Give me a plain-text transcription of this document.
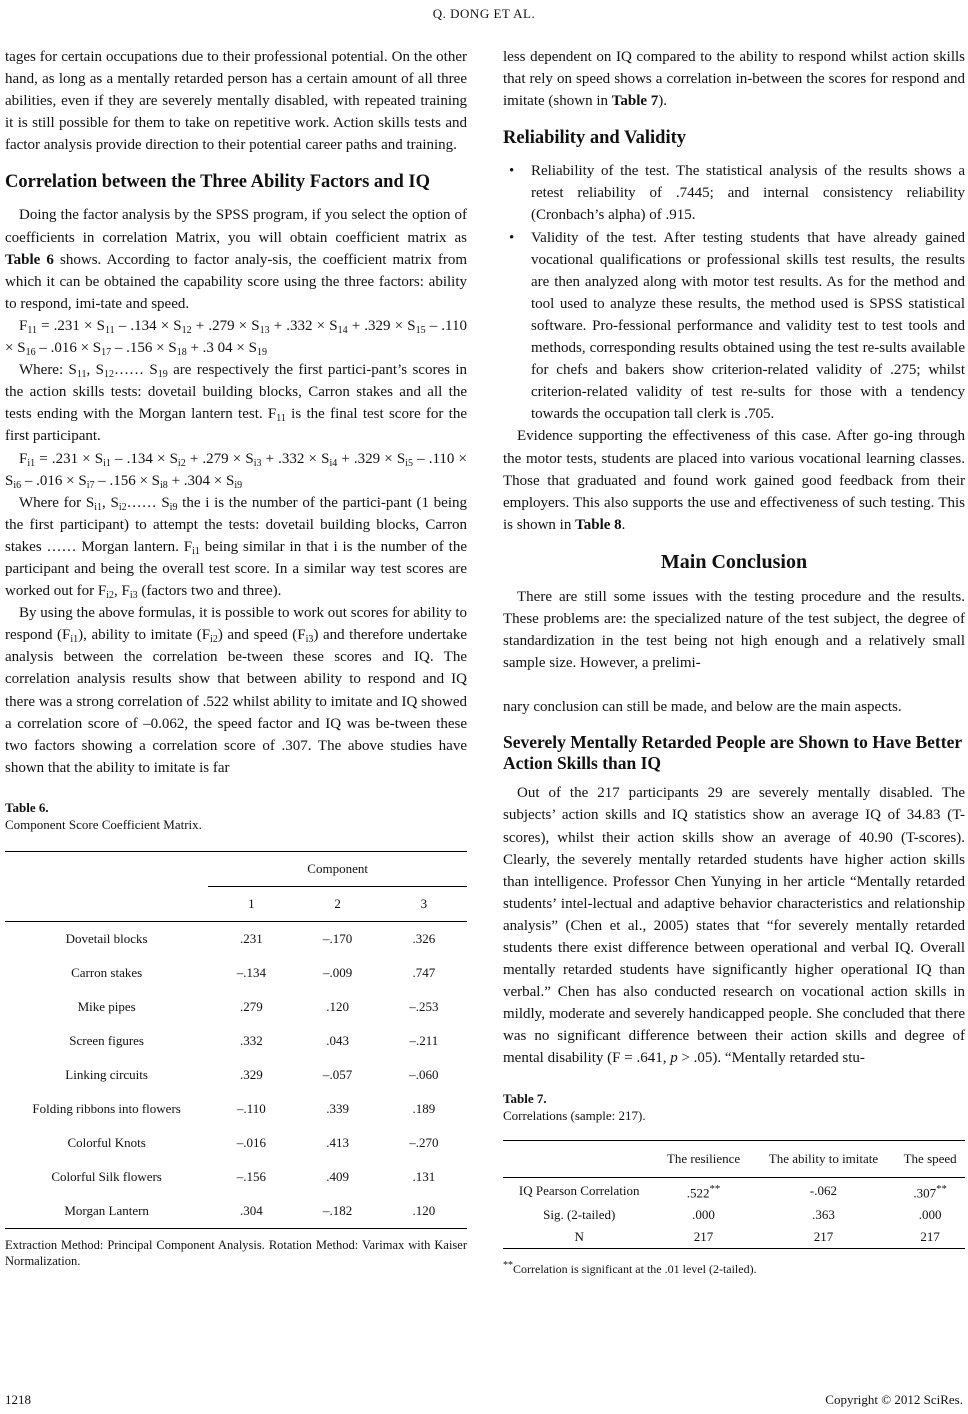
Q. DONG ET AL.

tages for certain occupations due to their professional potential. On the other hand, as long as a mentally retarded person has a certain amount of all three abilities, even if they are severely mentally disabled, with repeated training it is still possible for them to take on repetitive work. Action skills tests and factor analysis provide direction to their potential career paths and training.

Correlation between the Three Ability Factors and IQ

Doing the factor analysis by the SPSS program, if you select the option of coefficients in correlation Matrix, you will obtain coefficient matrix as Table 6 shows. According to factor analy-sis, the coefficient matrix from which it can be obtained the capability score using the three factors: ability to respond, imi-tate and speed.

$F_{11} = .231 \times S_{11} - .134 \times S_{12} + .279 \times S_{13} + .332 \times S_{14} + .329 \times S_{15} - .110 \times S_{16} - .016 \times S_{17} - .156 \times S_{18} + .3$ $04 \times S_{19}$

Where: $S_{11}$, $S_{12}\dots\dots$ $S_{19}$ are respectively the first partici-pant’s scores in the action skills tests: dovetail building blocks, Carron stakes and all the tests ending with the Morgan lantern test. $F_{11}$ is the final test score for the first participant.

$F_{i1} = .231 \times S_{i1} - .134 \times S_{i2} + .279 \times S_{i3} + .332 \times S_{i4} + .329 \times S_{i5} - .110 \times S_{i6} - .016 \times S_{i7} - .156 \times S_{i8} + .304 \times S_{i9}$

Where for $S_{i1}$, $S_{i2}\dots\dots$ $S_{i9}$ the i is the number of the partici-pant (1 being the first participant) to attempt the tests: dovetail building blocks, Carron stakes …… Morgan lantern. $F_{i1}$ being similar in that i is the number of the participant and being the overall test score. In a similar way test scores are worked out for $F_{i2}$, $F_{i3}$ (factors two and three).

By using the above formulas, it is possible to work out scores for ability to respond $(F_{i1})$, ability to imitate $(F_{i2})$ and speed $(F_{i3})$ and therefore undertake analysis between the correlation be-tween these scores and IQ. The correlation analysis results show that between ability to respond and IQ there was a strong correlation of .522 whilst ability to imitate and IQ showed a correlation score of –0.062, the speed factor and IQ was be-tween these two factors showing a correlation score of .307. The above studies have shown that the ability to imitate is far

Table 6.
Component Score Coefficient Matrix.
	Component		
	1	2	3
Dovetail blocks	.231	–.170	.326
Carron stakes	–.134	–.009	.747
Mike pipes	.279	.120	–.253
Screen figures	.332	.043	–.211
Linking circuits	.329	–.057	–.060
Folding ribbons into flowers	–.110	.339	.189
Colorful Knots	–.016	.413	–.270
Colorful Silk flowers	–.156	.409	.131
Morgan Lantern	.304	–.182	.120
Extraction Method: Principal Component Analysis. Rotation Method: Varimax with Kaiser Normalization.

less dependent on IQ compared to the ability to respond whilst action skills that rely on speed shows a correlation in-between the scores for respond and imitate (shown in Table 7).

Reliability and Validity
• Reliability of the test. The statistical analysis of the results shows a retest reliability of .7445; and internal consistency reliability (Cronbach’s alpha) of .915.
• Validity of the test. After testing students that have already gained vocational qualifications or professional skills test results, the results are then analyzed along with motor test results. As for the method and tool used to analyze these results, the method used is SPSS statistical software. Pro-fessional performance and validity test to test tools and methods, corresponding results obtained using the test re-sults available for chefs and bakers show criterion-related validity of .275; whilst criterion-related validity of test re-sults for those with a tendency towards the occupation tall clerk is .705.

Evidence supporting the effectiveness of this case. After go-ing through the motor tests, students are placed into various vocational learning classes. Those that graduated and found work gained good feedback from their employers. This also supports the use and effectiveness of such testing. This is shown in Table 8.

Main Conclusion

There are still some issues with the testing procedure and the results. These problems are: the specialized nature of the test subject, the degree of standardization in the test being not high enough and a relatively small sample size. However, a prelimi-

nary conclusion can still be made, and below are the main aspects.

Severely Mentally Retarded People are Shown to Have Better Action Skills than IQ

Out of the 217 participants 29 are severely mentally disabled. The subjects’ action skills and IQ statistics show an average IQ of 34.83 (T-scores), whilst their action skills show an average of 40.90 (T-scores). Clearly, the severely mentally retarded students have higher action skills than intelligence. Professor Chen Yunying in her article “Mentally retarded students’ intel-lectual and adaptive behavior characteristics and relationship analysis” (Chen et al., 2005) states that “for severely mentally retarded students there exist difference between operational and verbal IQ. Overall mentally retarded students have significantly higher operational IQ than verbal.” Chen has also conducted research on vocational action skills in mildly, moderate and severely handicapped people. She concluded that there was no significant difference between their action skills and degree of mental disability (F = .641, p > .05). “Mentally retarded stu-

Table 7.
Correlations (sample: 217).
	The resilience	The ability to imitate	The speed
IQ Pearson Correlation	.522**	-.062	.307**
Sig. (2-tailed)	.000	.363	.000
N	217	217	217
**Correlation is significant at the .01 level (2-tailed).
1218	Copyright © 2012 SciRes.
